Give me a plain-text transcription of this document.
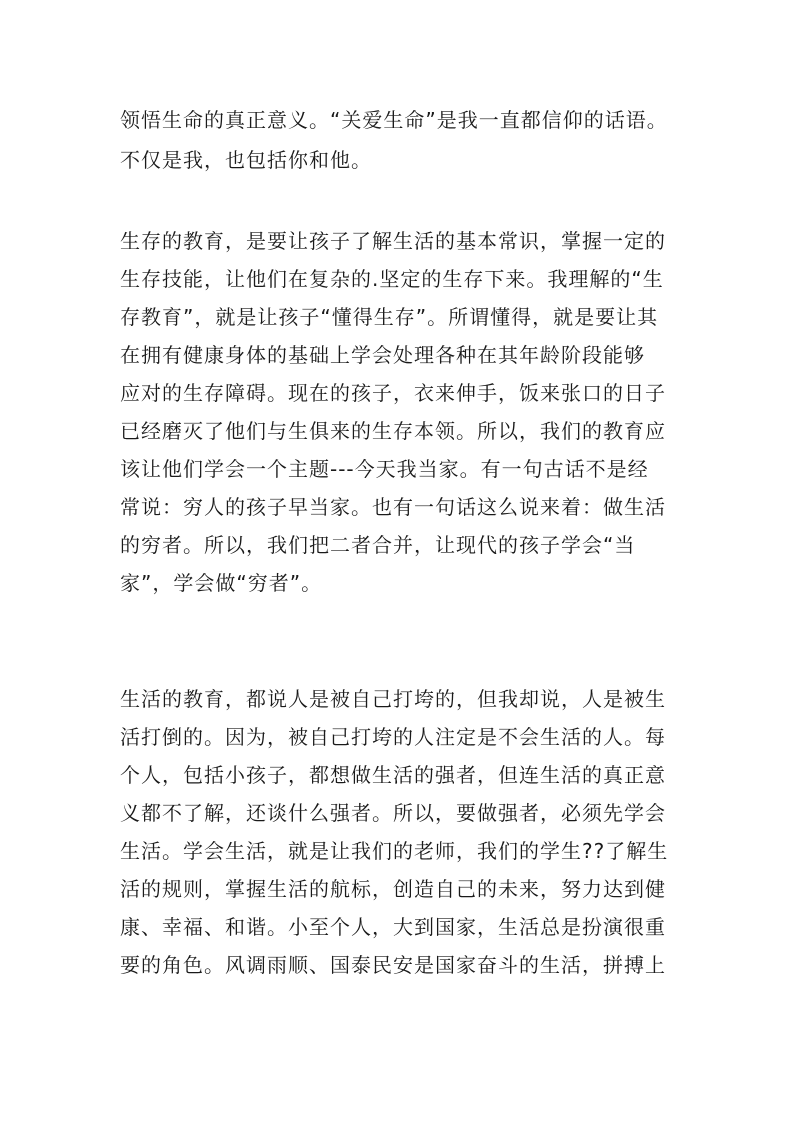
领悟生命的真正意义。“关爱生命”是我一直都信仰的话语。
不仅是我，也包括你和他。
生存的教育，是要让孩子了解生活的基本常识，掌握一定的
生存技能，让他们在复杂的.坚定的生存下来。我理解的“生
存教育”，就是让孩子“懂得生存”。所谓懂得，就是要让其
在拥有健康身体的基础上学会处理各种在其年龄阶段能够
应对的生存障碍。现在的孩子，衣来伸手，饭来张口的日子
已经磨灭了他们与生俱来的生存本领。所以，我们的教育应
该让他们学会一个主题---今天我当家。有一句古话不是经
常说：穷人的孩子早当家。也有一句话这么说来着：做生活
的穷者。所以，我们把二者合并，让现代的孩子学会“当
家”，学会做“穷者”。
生活的教育，都说人是被自己打垮的，但我却说，人是被生
活打倒的。因为，被自己打垮的人注定是不会生活的人。每
个人，包括小孩子，都想做生活的强者，但连生活的真正意
义都不了解，还谈什么强者。所以，要做强者，必须先学会
生活。学会生活，就是让我们的老师，我们的学生??了解生
活的规则，掌握生活的航标，创造自己的未来，努力达到健
康、幸福、和谐。小至个人，大到国家，生活总是扮演很重
要的角色。风调雨顺、国泰民安是国家奋斗的生活，拼搏上
